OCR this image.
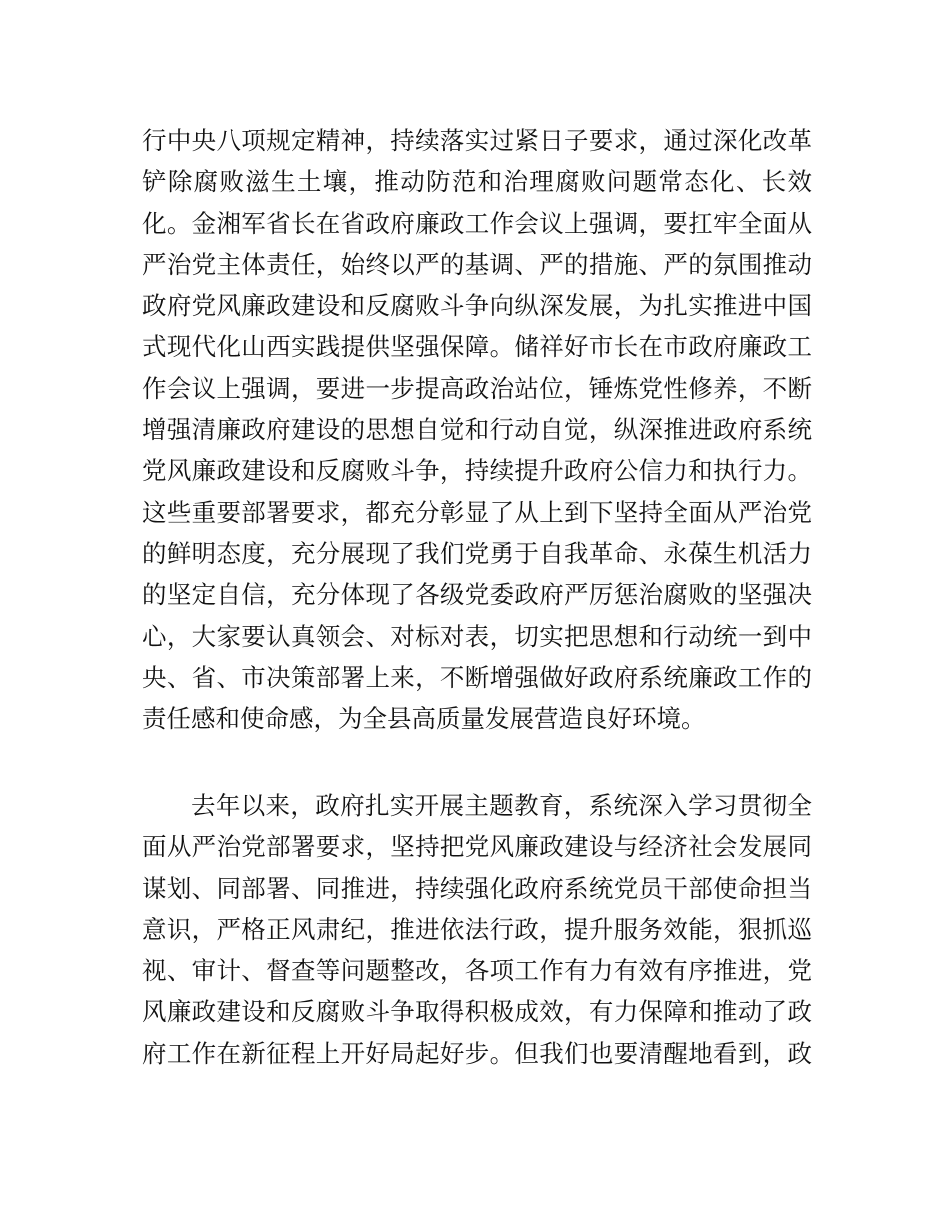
行中央八项规定精神，持续落实过紧日子要求，通过深化改革
铲除腐败滋生土壤，推动防范和治理腐败问题常态化、长效
化。金湘军省长在省政府廉政工作会议上强调，要扛牢全面从
严治党主体责任，始终以严的基调、严的措施、严的氛围推动
政府党风廉政建设和反腐败斗争向纵深发展，为扎实推进中国
式现代化山西实践提供坚强保障。储祥好市长在市政府廉政工
作会议上强调，要进一步提高政治站位，锤炼党性修养，不断
增强清廉政府建设的思想自觉和行动自觉，纵深推进政府系统
党风廉政建设和反腐败斗争，持续提升政府公信力和执行力。
这些重要部署要求，都充分彰显了从上到下坚持全面从严治党
的鲜明态度，充分展现了我们党勇于自我革命、永葆生机活力
的坚定自信，充分体现了各级党委政府严厉惩治腐败的坚强决
心，大家要认真领会、对标对表，切实把思想和行动统一到中
央、省、市决策部署上来，不断增强做好政府系统廉政工作的
责任感和使命感，为全县高质量发展营造良好环境。
去年以来，政府扎实开展主题教育，系统深入学习贯彻全
面从严治党部署要求，坚持把党风廉政建设与经济社会发展同
谋划、同部署、同推进，持续强化政府系统党员干部使命担当
意识，严格正风肃纪，推进依法行政，提升服务效能，狠抓巡
视、审计、督查等问题整改，各项工作有力有效有序推进，党
风廉政建设和反腐败斗争取得积极成效，有力保障和推动了政
府工作在新征程上开好局起好步。但我们也要清醒地看到，政
